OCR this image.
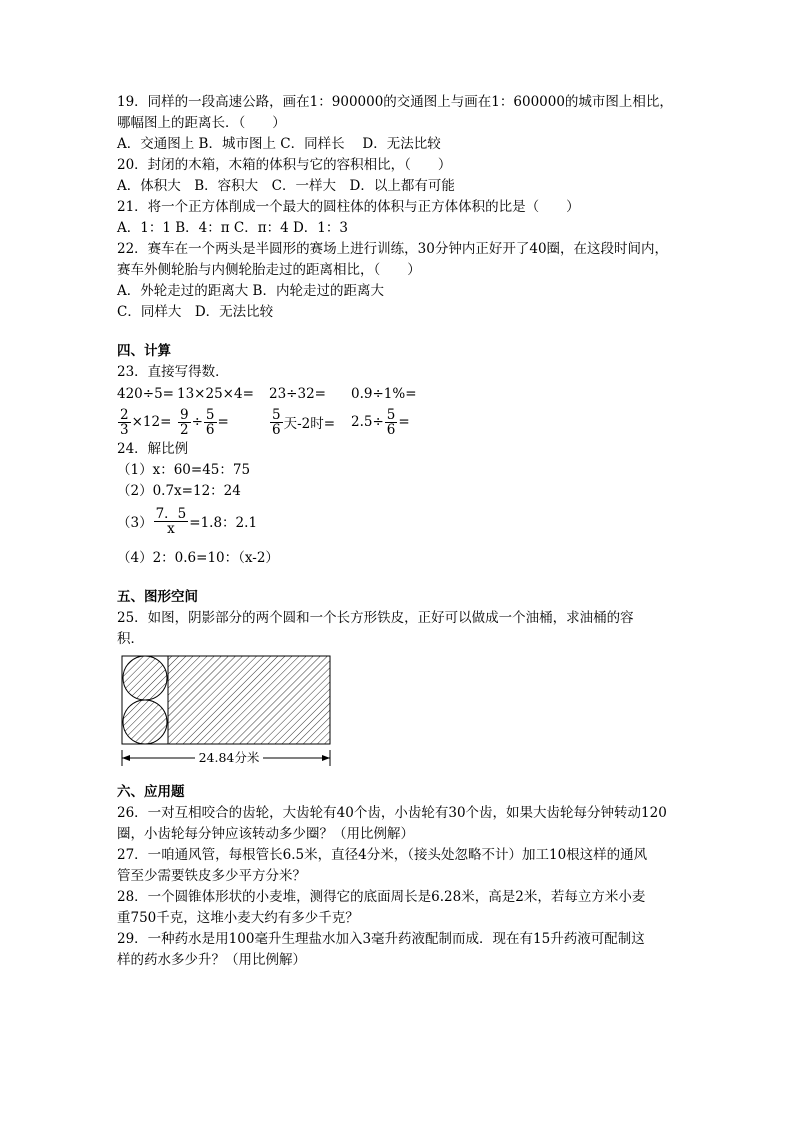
19．同样的一段高速公路，画在1：900000的交通图上与画在1：600000的城市图上相比，
哪幅图上的距离长．（　　）
A．交通图上 B．城市图上 C．同样长　 D．无法比较
20．封闭的木箱，木箱的体积与它的容积相比，（　　）
A．体积大　B．容积大　C．一样大　D．以上都有可能
21．将一个正方体削成一个最大的圆柱体的体积与正方体体积的比是（　　）
A．1：1 B．4：π C．π：4 D．1：3
22．赛车在一个两头是半圆形的赛场上进行训练，30分钟内正好开了40圈，在这段时间内，
赛车外侧轮胎与内侧轮胎走过的距离相比，（　　）
A．外轮走过的距离大 B．内轮走过的距离大
C．同样大　D．无法比较
四、计算
23．直接写得数．
420÷5= 13×25×4=	23÷32=	0.9÷1%=
$\frac{2}{3} \times 12= \frac{9}{2} \div \frac{5}{6}$ =	$\frac{5}{6}$ 天-2时= $2.5\div \frac{5}{6}$ =
24．解比例
（1）x：60=45：75
（2）0.7x=12：24
$(3) \frac{7.5}{x} =1.8$：2.1
（4）2：0.6=10：（x-2）
五、图形空间
25．如图，阴影部分的两个圆和一个长方形铁皮，正好可以做成一个油桶，求油桶的容
积．
24.84分米
六、应用题
26．一对互相咬合的齿轮，大齿轮有40个齿，小齿轮有30个齿，如果大齿轮每分钟转动120
圈，小齿轮每分钟应该转动多少圈？（用比例解）
27．一咱通风管，每根管长6.5米，直径4分米，（接头处忽略不计）加工10根这样的通风
管至少需要铁皮多少平方分米？
28．一个圆锥体形状的小麦堆，测得它的底面周长是6.28米，高是2米，若每立方米小麦
重750千克，这堆小麦大约有多少千克？
29．一种药水是用100毫升生理盐水加入3毫升药液配制而成．现在有15升药液可配制这
样的药水多少升？（用比例解）
